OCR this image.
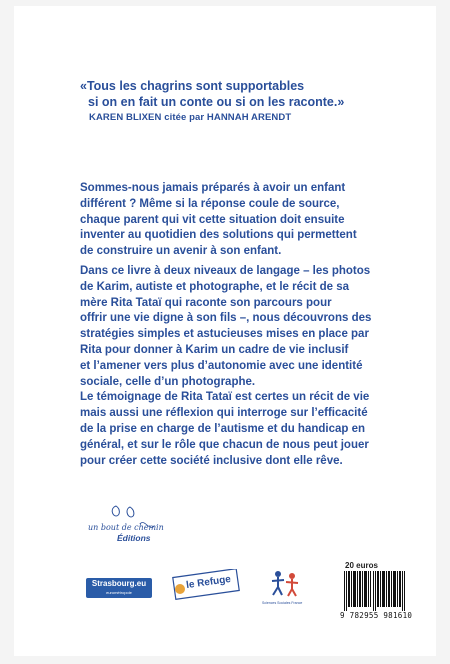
«Tous les chagrins sont supportables
si on en fait un conte ou si on les raconte.»
KAREN BLIXEN citée par HANNAH ARENDT
Sommes-nous jamais préparés à avoir un enfant
différent ? Même si la réponse coule de source,
chaque parent qui vit cette situation doit ensuite
inventer au quotidien des solutions qui permettent
de construire un avenir à son enfant.
Dans ce livre à deux niveaux de langage – les photos
de Karim, autiste et photographe, et le récit de sa
mère Rita Tataï qui raconte son parcours pour
offrir une vie digne à son fils –, nous découvrons des
stratégies simples et astucieuses mises en place par
Rita pour donner à Karim un cadre de vie inclusif
et l’amener vers plus d’autonomie avec une identité
sociale, celle d’un photographe.
Le témoignage de Rita Tataï est certes un récit de vie
mais aussi une réflexion qui interroge sur l’efficacité
de la prise en charge de l’autisme et du handicap en
général, et sur le rôle que chacun de nous peut jouer
pour créer cette société inclusive dont elle rêve.
un bout de chemin
Éditions
20 euros
Strasbourg.eu
eurométropole
le Refuge
Sciences Sociales France
9 782955 981610
